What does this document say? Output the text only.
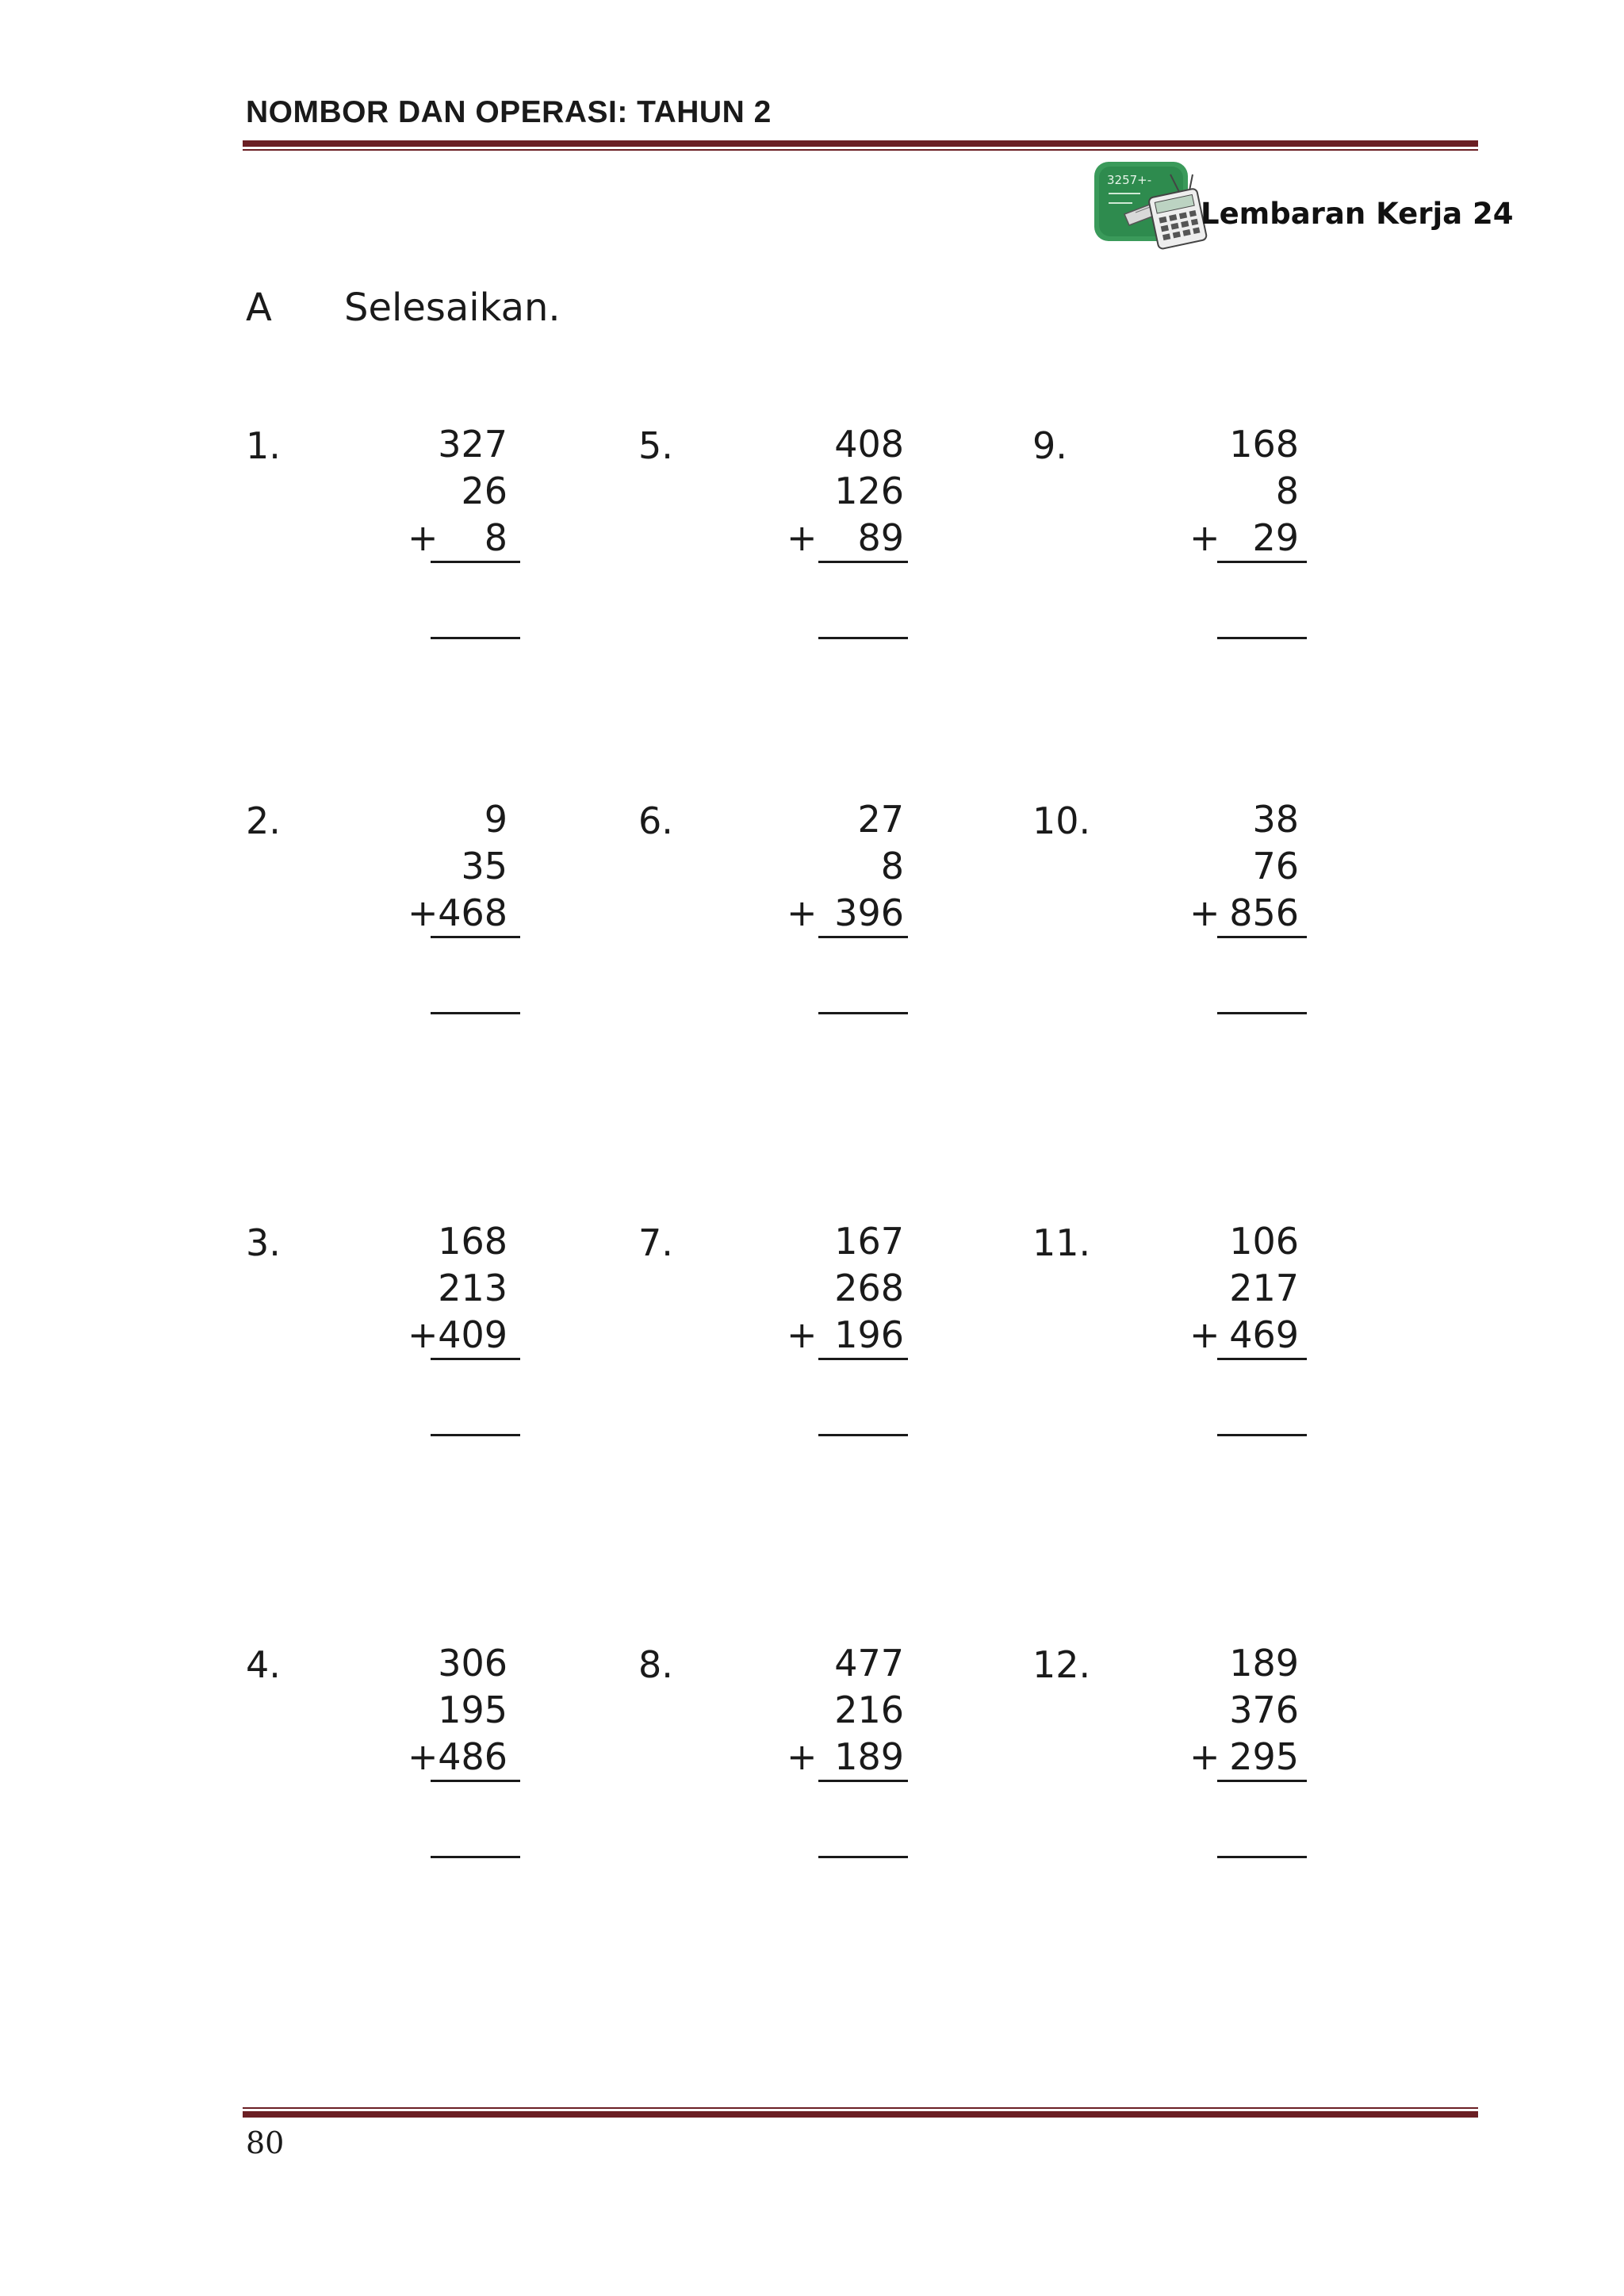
NOMBOR DAN OPERASI: TAHUN 2
3257+-
Lembaran Kerja 24
A Selesaikan.
1.	327
26
8
+
2.	9
35
468
+
3.	168
213
409
+
4.	306
195
486
+
5.	408
126
89
+
6.	27
8
396
+
7.	167
268
196
+
8.	477
216
189
+
9.	168
8
29
+
10.	38
76
856
+
11.	106
217
469
+
12.	189
376
295
+
80
